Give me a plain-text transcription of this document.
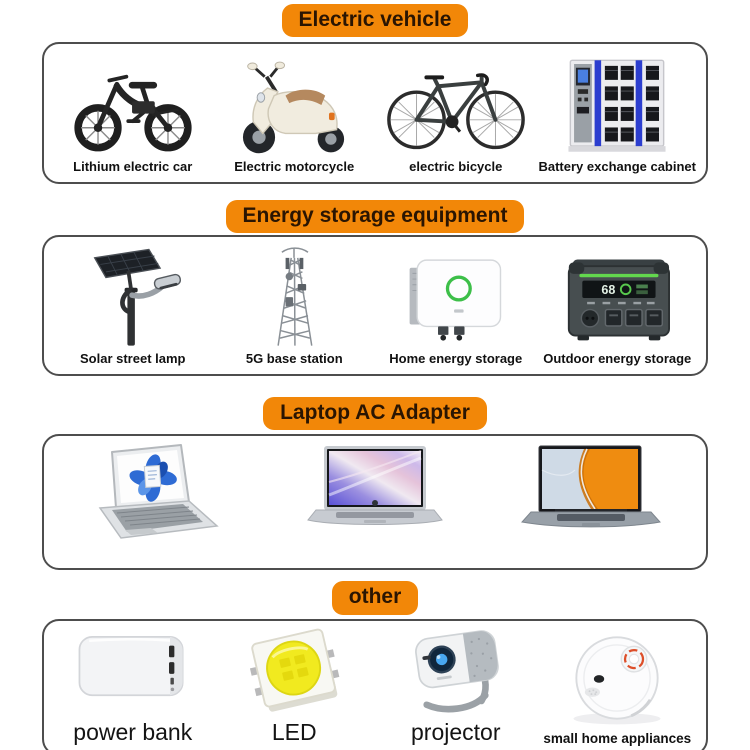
Electric vehicle
Lithium electric car	Electric motorcycle	electric bicycle	Battery exchange cabinet
Energy storage equipment
Solar street lamp	5G base station	Home energy storage
68
Outdoor energy storage
Laptop AC Adapter
other
power bank	LED	projector	small home appliances
